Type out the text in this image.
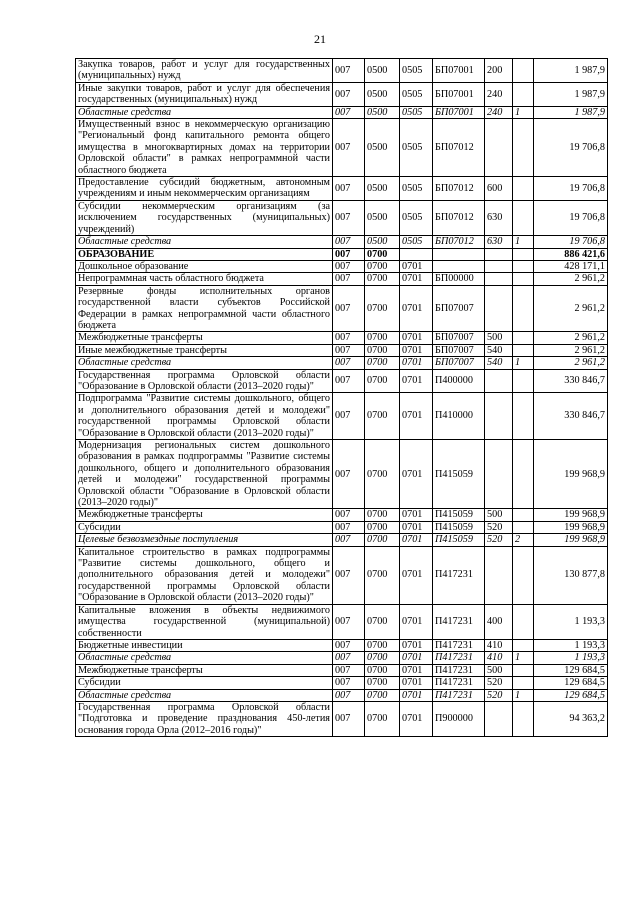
21
Закупка товаров, работ и услуг для государственных (муниципальных) нужд	007	0500	0505	БП07001	200		1 987,9
Иные закупки товаров, работ и услуг для обеспечения государственных (муниципальных) нужд	007	0500	0505	БП07001	240		1 987,9
Областные средства	007	0500	0505	БП07001	240	1	1 987,9
Имущественный взнос в некоммерческую организацию "Региональный фонд капитального ремонта общего имущества в многоквартирных домах на территории Орловской области" в рамках непрограммной части областного бюджета	007	0500	0505	БП07012			19 706,8
Предоставление субсидий бюджетным, автономным учреждениям и иным некоммерческим организациям	007	0500	0505	БП07012	600		19 706,8
Субсидии некоммерческим организациям (за исключением государственных (муниципальных) учреждений)	007	0500	0505	БП07012	630		19 706,8
Областные средства	007	0500	0505	БП07012	630	1	19 706,8
ОБРАЗОВАНИЕ	007	0700					886 421,6
Дошкольное образование	007	0700	0701				428 171,1
Непрограммная часть областного бюджета	007	0700	0701	БП00000			2 961,2
Резервные фонды исполнительных органов государственной власти субъектов Российской Федерации в рамках непрограммной части областного бюджета	007	0700	0701	БП07007			2 961,2
Межбюджетные трансферты	007	0700	0701	БП07007	500		2 961,2
Иные межбюджетные трансферты	007	0700	0701	БП07007	540		2 961,2
Областные средства	007	0700	0701	БП07007	540	1	2 961,2
Государственная программа Орловской области "Образование в Орловской области (2013–2020 годы)"	007	0700	0701	П400000			330 846,7
Подпрограмма "Развитие системы дошкольного, общего и дополнительного образования детей и молодежи" государственной программы Орловской области "Образование в Орловской области (2013–2020 годы)"	007	0700	0701	П410000			330 846,7
Модернизация региональных систем дошкольного образования в рамках подпрограммы "Развитие системы дошкольного, общего и дополнительного образования детей и молодежи" государственной программы Орловской области "Образование в Орловской области (2013–2020 годы)"	007	0700	0701	П415059			199 968,9
Межбюджетные трансферты	007	0700	0701	П415059	500		199 968,9
Субсидии	007	0700	0701	П415059	520		199 968,9
Целевые безвозмездные поступления	007	0700	0701	П415059	520	2	199 968,9
Капитальное строительство в рамках подпрограммы "Развитие системы дошкольного, общего и дополнительного образования детей и молодежи" государственной программы Орловской области "Образование в Орловской области (2013–2020 годы)"	007	0700	0701	П417231			130 877,8
Капитальные вложения в объекты недвижимого имущества государственной (муниципальной) собственности	007	0700	0701	П417231	400		1 193,3
Бюджетные инвестиции	007	0700	0701	П417231	410		1 193,3
Областные средства	007	0700	0701	П417231	410	1	1 193,3
Межбюджетные трансферты	007	0700	0701	П417231	500		129 684,5
Субсидии	007	0700	0701	П417231	520		129 684,5
Областные средства	007	0700	0701	П417231	520	1	129 684,5
Государственная программа Орловской области "Подготовка и проведение празднования 450-летия основания города Орла (2012–2016 годы)"	007	0700	0701	П900000			94 363,2
